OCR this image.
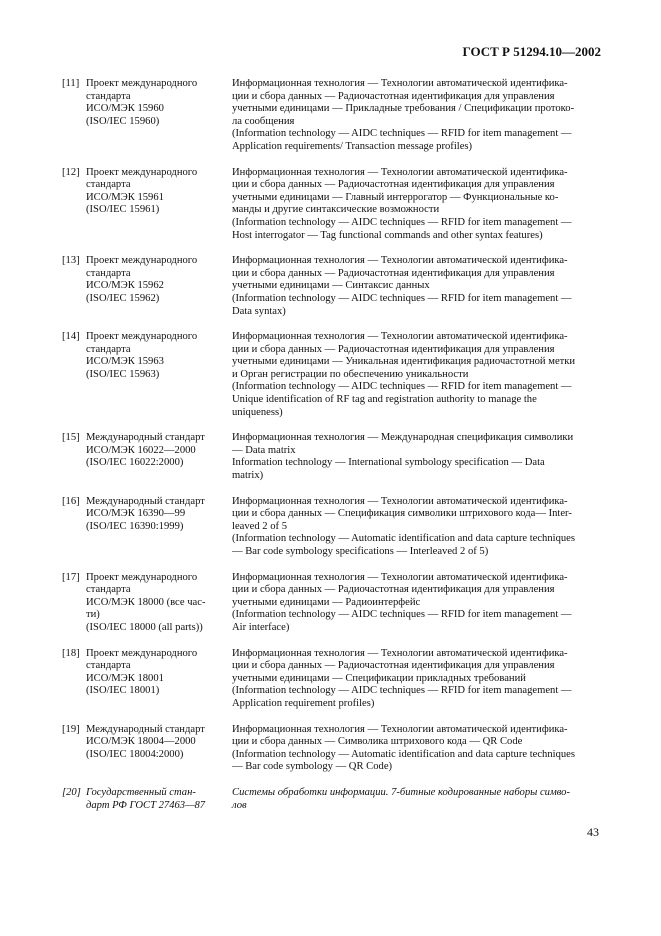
ГОСТ Р 51294.10—2002
[11] Проект международного
стандарта
ИСО/МЭК 15960
(ISO/IEC 15960)
Информационная технология — Технологии автоматической идентифика-
ции и сбора данных — Радиочастотная идентификация для управления
учетными единицами — Прикладные требования / Спецификации протоко-
ла сообщения
(Information technology — AIDC techniques — RFID for item management —
Application requirements/ Transaction message profiles)
[12] Проект международного
стандарта
ИСО/МЭК 15961
(ISO/IEC 15961)
Информационная технология — Технологии автоматической идентифика-
ции и сбора данных — Радиочастотная идентификация для управления
учетными единицами — Главный интеррогатор — Функциональные ко-
манды и другие синтаксические возможности
(Information technology — AIDC techniques — RFID for item management —
Host interrogator — Tag functional commands and other syntax features)
[13] Проект международного
стандарта
ИСО/МЭК 15962
(ISO/IEC 15962)
Информационная технология — Технологии автоматической идентифика-
ции и сбора данных — Радиочастотная идентификация для управления
учетными единицами — Синтаксис данных
(Information technology — AIDC techniques — RFID for item management —
Data syntax)
[14] Проект международного
стандарта
ИСО/МЭК 15963
(ISO/IEC 15963)
Информационная технология — Технологии автоматической идентифика-
ции и сбора данных — Радиочастотная идентификация для управления
учетными единицами — Уникальная идентификация радиочастотной метки
и Орган регистрации по обеспечению уникальности
(Information technology — AIDC techniques — RFID for item management —
Unique identification of RF tag and registration authority to manage the
uniqueness)
[15] Международный стандарт
ИСО/МЭК 16022—2000
(ISO/IEC 16022:2000)
Информационная технология — Международная спецификация символики
— Data matrix
Information technology — International symbology specification — Data
matrix)
[16] Международный стандарт
ИСО/МЭК 16390—99
(ISO/IEC 16390:1999)
Информационная технология — Технологии автоматической идентифика-
ции и сбора данных — Спецификация символики штрихового кода— Inter-
leaved 2 of 5
(Information technology — Automatic identification and data capture techniques
— Bar code symbology specifications — Interleaved 2 of 5)
[17] Проект международного
стандарта
ИСО/МЭК 18000 (все час-
ти)
(ISO/IEC 18000 (all parts))
Информационная технология — Технологии автоматической идентифика-
ции и сбора данных — Радиочастотная идентификация для управления
учетными единицами — Радиоинтерфейс
(Information technology — AIDC techniques — RFID for item management —
Air interface)
[18] Проект международного
стандарта
ИСО/МЭК 18001
(ISO/IEC 18001)
Информационная технология — Технологии автоматической идентифика-
ции и сбора данных — Радиочастотная идентификация для управления
учетными единицами — Спецификации прикладных требований
(Information technology — AIDC techniques — RFID for item management —
Application requirement profiles)
[19] Международный стандарт
ИСО/МЭК 18004—2000
(ISO/IEC 18004:2000)
Информационная технология — Технологии автоматической идентифика-
ции и сбора данных — Символика штрихового кода — QR Code
(Information technology — Automatic identification and data capture techniques
— Bar code symbology — QR Code)
[20] Государственный стан-
дарт РФ ГОСТ 27463—87
Системы обработки информации. 7-битные кодированные наборы симво-
лов
43
